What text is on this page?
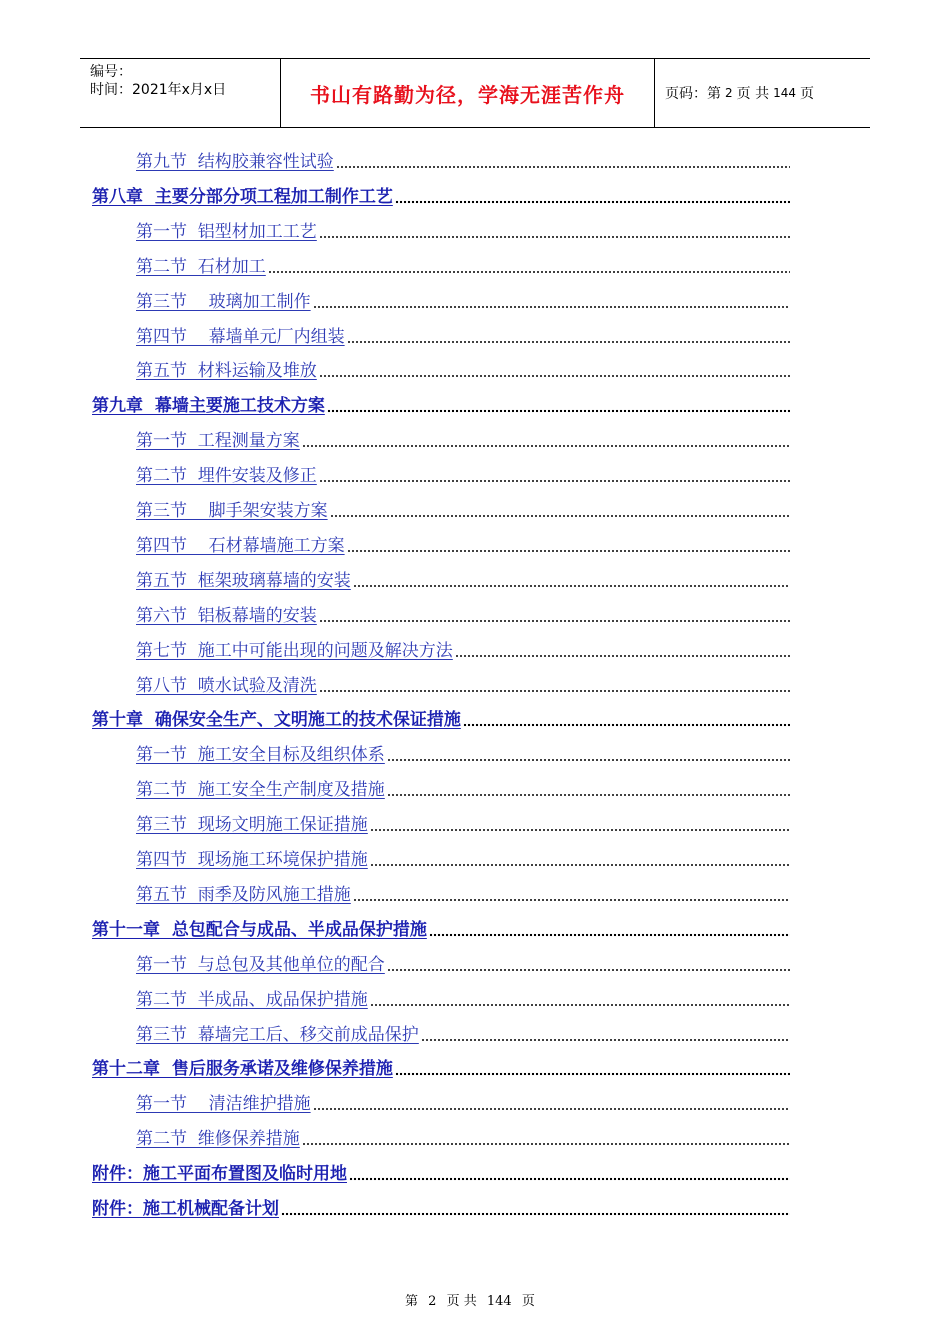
编号：
时间：2021年x月x日	书山有路勤为径，学海无涯苦作舟	页码：第 2 页 共 144 页
第九节  结构胶兼容性试验
第八章  主要分部分项工程加工制作工艺
第一节  铝型材加工工艺
第二节  石材加工
第三节    玻璃加工制作
第四节    幕墙单元厂内组装
第五节  材料运输及堆放
第九章  幕墙主要施工技术方案
第一节  工程测量方案
第二节  埋件安装及修正
第三节    脚手架安装方案
第四节    石材幕墙施工方案
第五节  框架玻璃幕墙的安装
第六节  铝板幕墙的安装
第七节  施工中可能出现的问题及解决方法
第八节  喷水试验及清洗
第十章  确保安全生产、文明施工的技术保证措施
第一节  施工安全目标及组织体系
第二节  施工安全生产制度及措施
第三节  现场文明施工保证措施
第四节  现场施工环境保护措施
第五节  雨季及防风施工措施
第十一章  总包配合与成品、半成品保护措施
第一节  与总包及其他单位的配合
第二节  半成品、成品保护措施
第三节  幕墙完工后、移交前成品保护
第十二章  售后服务承诺及维修保养措施
第一节    清洁维护措施
第二节  维修保养措施
附件：施工平面布置图及临时用地
附件：施工机械配备计划
第 2 页 共 144 页
